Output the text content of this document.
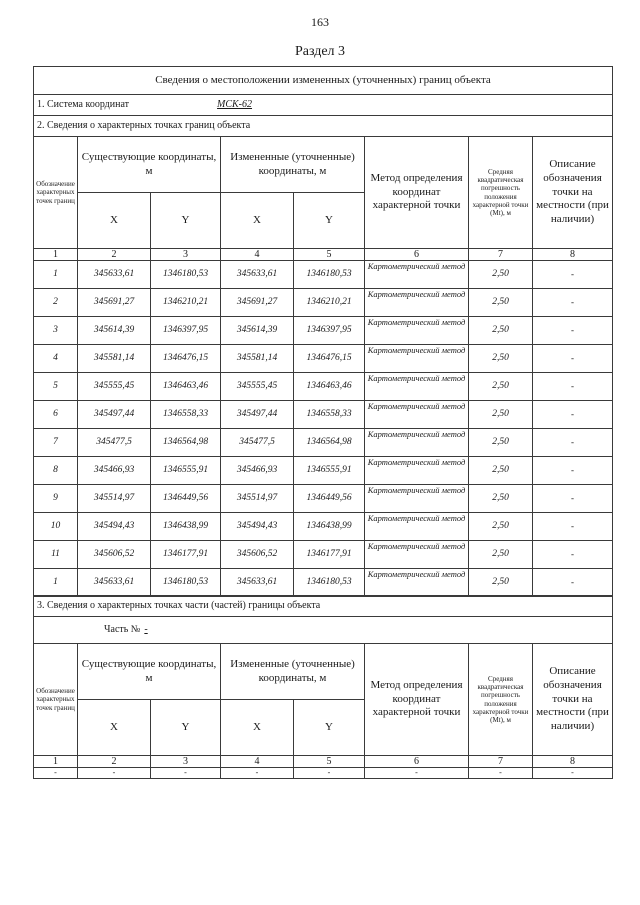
163
Раздел 3
Сведения о местоположении измененных (уточненных) границ объекта							
1. Система координат МСК-62							
2. Сведения о характерных точках границ объекта							
Обозначение характерных точек границ	Существующие координаты, м		Измененные (уточненные) координаты, м		Метод определения координат характерной точки	Средняя квадратическая погрешность положения характерной точки (Mt), м	Описание обозначения точки на местности (при наличии)
	X	Y	X	Y			
1	2	3	4	5	6	7	8
1	345633,61	1346180,53	345633,61	1346180,53	Картометрический метод	2,50	-
2	345691,27	1346210,21	345691,27	1346210,21	Картометрический метод	2,50	-
3	345614,39	1346397,95	345614,39	1346397,95	Картометрический метод	2,50	-
4	345581,14	1346476,15	345581,14	1346476,15	Картометрический метод	2,50	-
5	345555,45	1346463,46	345555,45	1346463,46	Картометрический метод	2,50	-
6	345497,44	1346558,33	345497,44	1346558,33	Картометрический метод	2,50	-
7	345477,5	1346564,98	345477,5	1346564,98	Картометрический метод	2,50	-
8	345466,93	1346555,91	345466,93	1346555,91	Картометрический метод	2,50	-
9	345514,97	1346449,56	345514,97	1346449,56	Картометрический метод	2,50	-
10	345494,43	1346438,99	345494,43	1346438,99	Картометрический метод	2,50	-
11	345606,52	1346177,91	345606,52	1346177,91	Картометрический метод	2,50	-
1	345633,61	1346180,53	345633,61	1346180,53	Картометрический метод	2,50	-
3. Сведения о характерных точках части (частей) границы объекта							
Часть № -							
Обозначение характерных точек границ	Существующие координаты, м		Измененные (уточненные) координаты, м		Метод определения координат характерной точки	Средняя квадратическая погрешность положения характерной точки (Mt), м	Описание обозначения точки на местности (при наличии)
	X	Y	X	Y			
1	2	3	4	5	6	7	8
-	-	-	-	-	-	-	-
